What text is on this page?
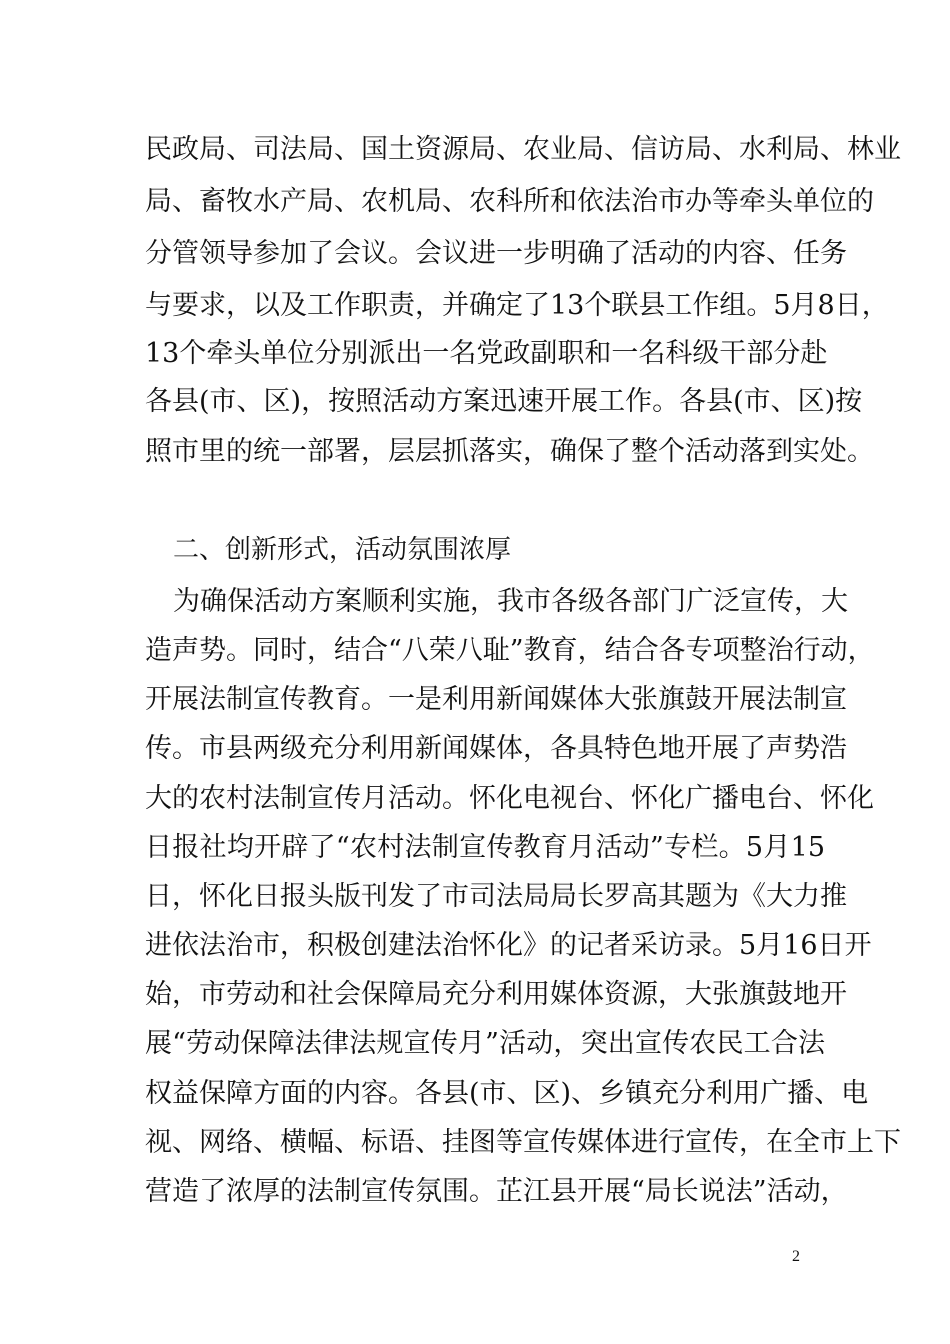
民政局、司法局、国土资源局、农业局、信访局、水利局、林业
局、畜牧水产局、农机局、农科所和依法治市办等牵头单位的
分管领导参加了会议。会议进一步明确了活动的内容、任务
与要求，以及工作职责，并确定了13个联县工作组。5月8日，
13个牵头单位分别派出一名党政副职和一名科级干部分赴
各县(市、区)，按照活动方案迅速开展工作。各县(市、区)按
照市里的统一部署，层层抓落实，确保了整个活动落到实处。
二、创新形式，活动氛围浓厚
为确保活动方案顺利实施，我市各级各部门广泛宣传，大
造声势。同时，结合“八荣八耻”教育，结合各专项整治行动，
开展法制宣传教育。一是利用新闻媒体大张旗鼓开展法制宣
传。市县两级充分利用新闻媒体，各具特色地开展了声势浩
大的农村法制宣传月活动。怀化电视台、怀化广播电台、怀化
日报社均开辟了“农村法制宣传教育月活动”专栏。5月15
日，怀化日报头版刊发了市司法局局长罗高其题为《大力推
进依法治市，积极创建法治怀化》的记者采访录。5月16日开
始，市劳动和社会保障局充分利用媒体资源，大张旗鼓地开
展“劳动保障法律法规宣传月”活动，突出宣传农民工合法
权益保障方面的内容。各县(市、区)、乡镇充分利用广播、电
视、网络、横幅、标语、挂图等宣传媒体进行宣传，在全市上下
营造了浓厚的法制宣传氛围。芷江县开展“局长说法”活动，
2
